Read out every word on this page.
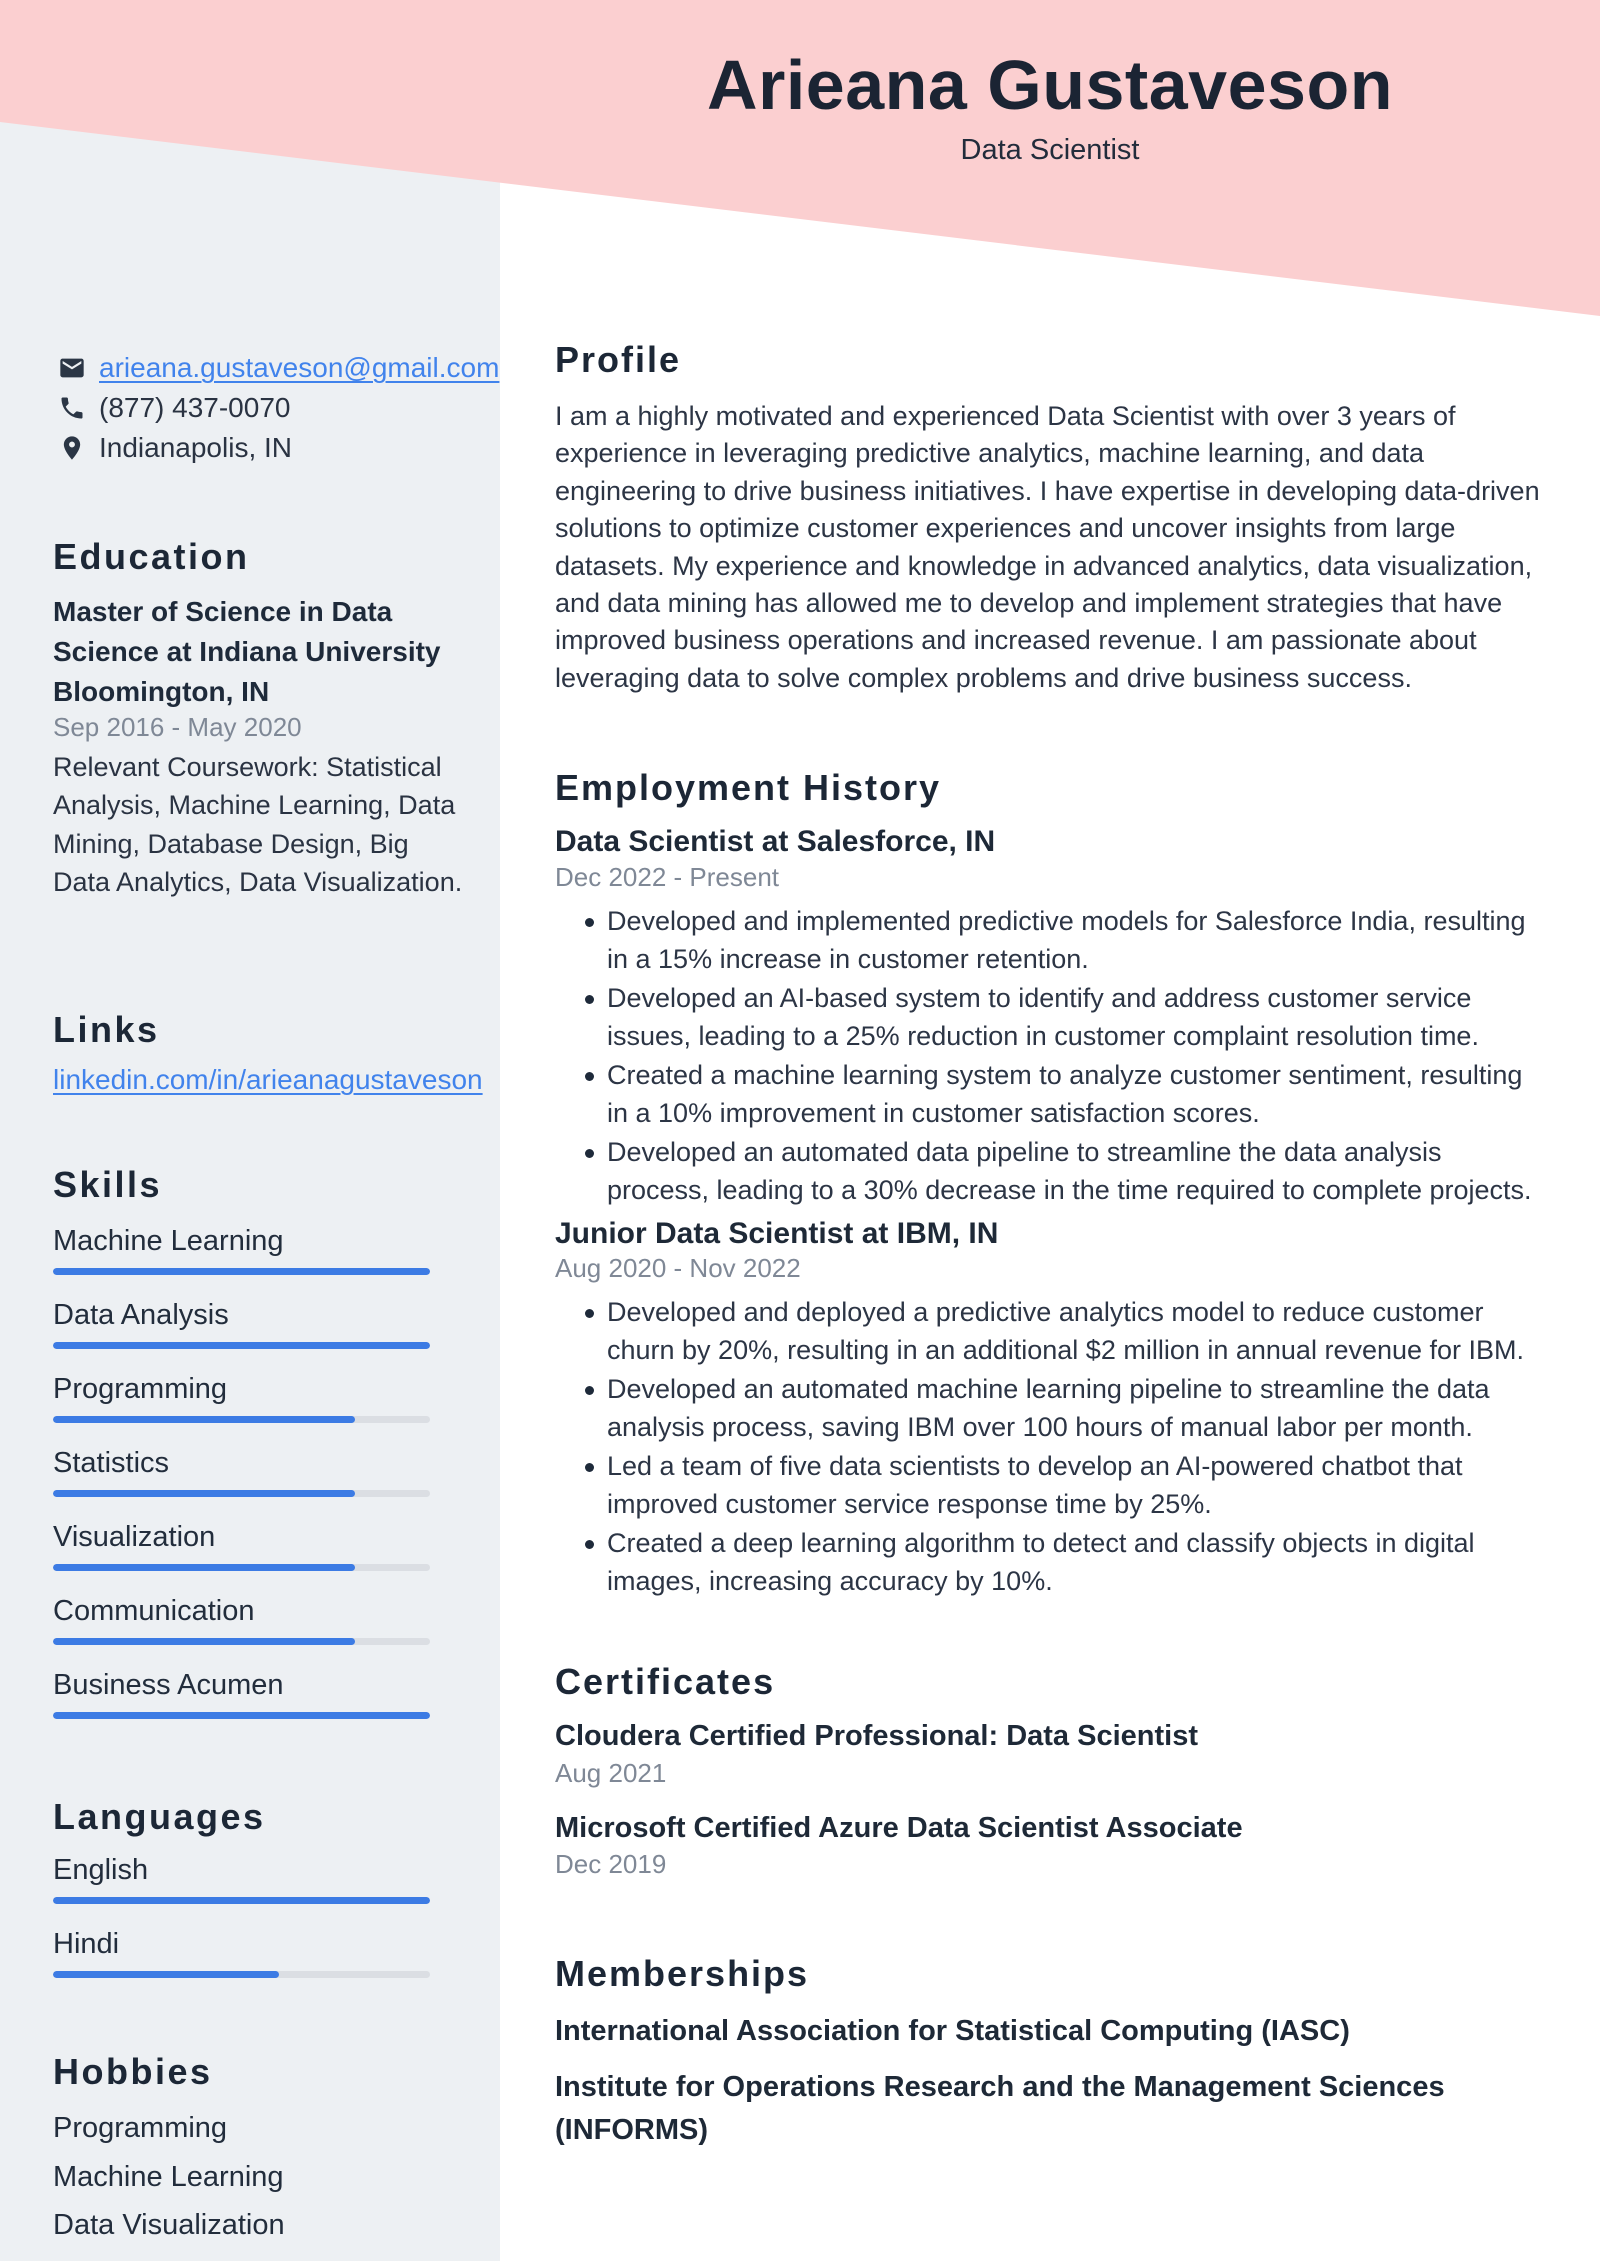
Arieana Gustaveson
Data Scientist
arieana.gustaveson@gmail.com
(877) 437-0070
Indianapolis, IN
Education
Master of Science in Data Science at Indiana University Bloomington, IN
Sep 2016 - May 2020
Relevant Coursework: Statistical Analysis, Machine Learning, Data Mining, Database Design, Big Data Analytics, Data Visualization.
Links
linkedin.com/in/arieanagustaveson
Skills
Machine Learning
Data Analysis
Programming
Statistics
Visualization
Communication
Business Acumen
Languages
English
Hindi
Hobbies
Programming
Machine Learning
Data Visualization
Profile
I am a highly motivated and experienced Data Scientist with over 3 years of experience in leveraging predictive analytics, machine learning, and data engineering to drive business initiatives. I have expertise in developing data-driven solutions to optimize customer experiences and uncover insights from large datasets. My experience and knowledge in advanced analytics, data visualization, and data mining has allowed me to develop and implement strategies that have improved business operations and increased revenue. I am passionate about leveraging data to solve complex problems and drive business success.
Employment History
Data Scientist at Salesforce, IN
Dec 2022 - Present
Developed and implemented predictive models for Salesforce India, resulting in a 15% increase in customer retention.
Developed an AI-based system to identify and address customer service issues, leading to a 25% reduction in customer complaint resolution time.
Created a machine learning system to analyze customer sentiment, resulting in a 10% improvement in customer satisfaction scores.
Developed an automated data pipeline to streamline the data analysis process, leading to a 30% decrease in the time required to complete projects.
Junior Data Scientist at IBM, IN
Aug 2020 - Nov 2022
Developed and deployed a predictive analytics model to reduce customer churn by 20%, resulting in an additional $2 million in annual revenue for IBM.
Developed an automated machine learning pipeline to streamline the data analysis process, saving IBM over 100 hours of manual labor per month.
Led a team of five data scientists to develop an AI-powered chatbot that improved customer service response time by 25%.
Created a deep learning algorithm to detect and classify objects in digital images, increasing accuracy by 10%.
Certificates
Cloudera Certified Professional: Data Scientist
Aug 2021
Microsoft Certified Azure Data Scientist Associate
Dec 2019
Memberships
International Association for Statistical Computing (IASC)
Institute for Operations Research and the Management Sciences (INFORMS)
